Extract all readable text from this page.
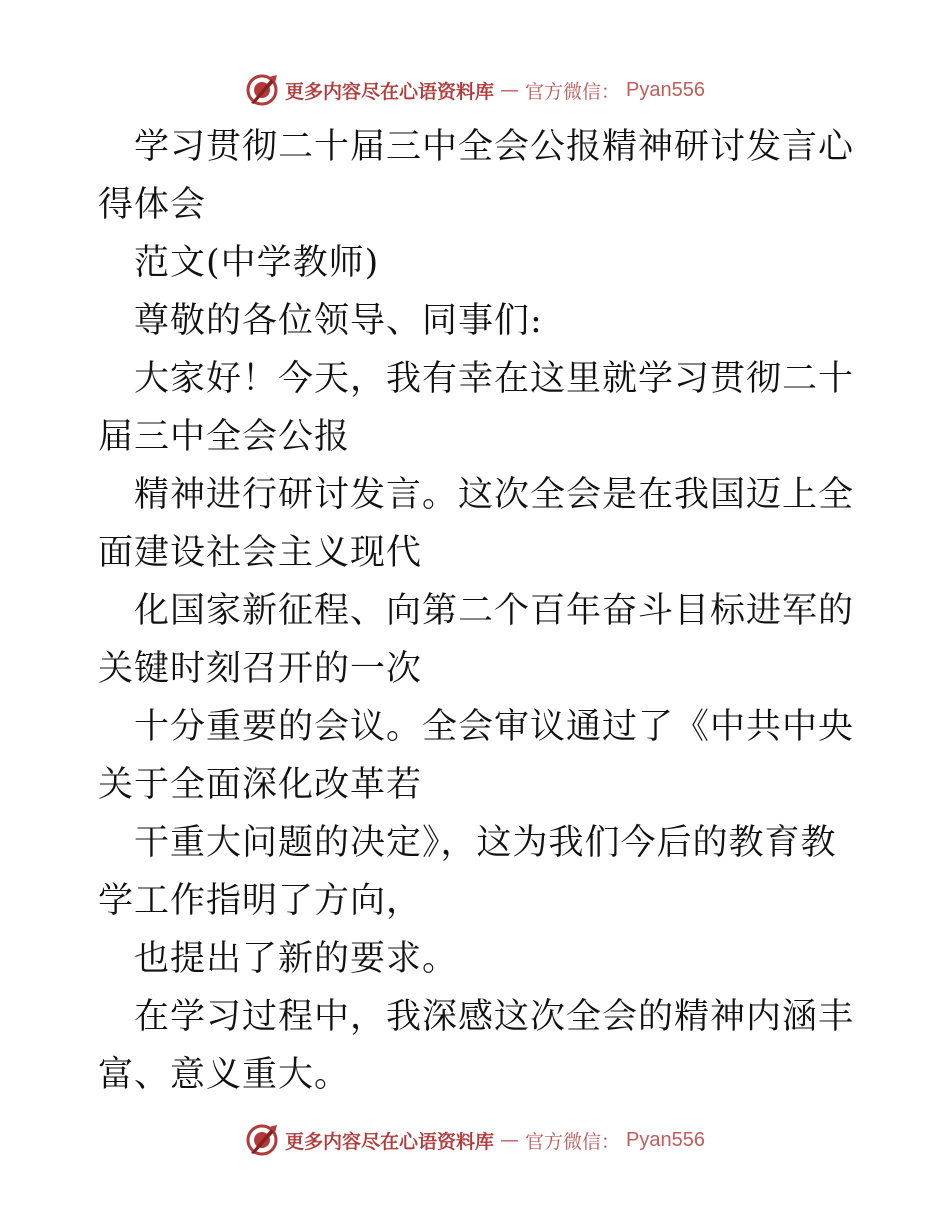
更多内容尽在心语资料库 — 官方微信： Pyan556

学习贯彻二十届三中全会公报精神研讨发言心得体会

范文(中学教师)

尊敬的各位领导、同事们:

大家好！今天，我有幸在这里就学习贯彻二十届三中全会公报

精神进行研讨发言。这次全会是在我国迈上全面建设社会主义现代

化国家新征程、向第二个百年奋斗目标进军的关键时刻召开的一次

十分重要的会议。全会审议通过了《中共中央关于全面深化改革若

干重大问题的决定》，这为我们今后的教育教学工作指明了方向，

也提出了新的要求。

在学习过程中，我深感这次全会的精神内涵丰富、意义重大。

更多内容尽在心语资料库 — 官方微信： Pyan556
